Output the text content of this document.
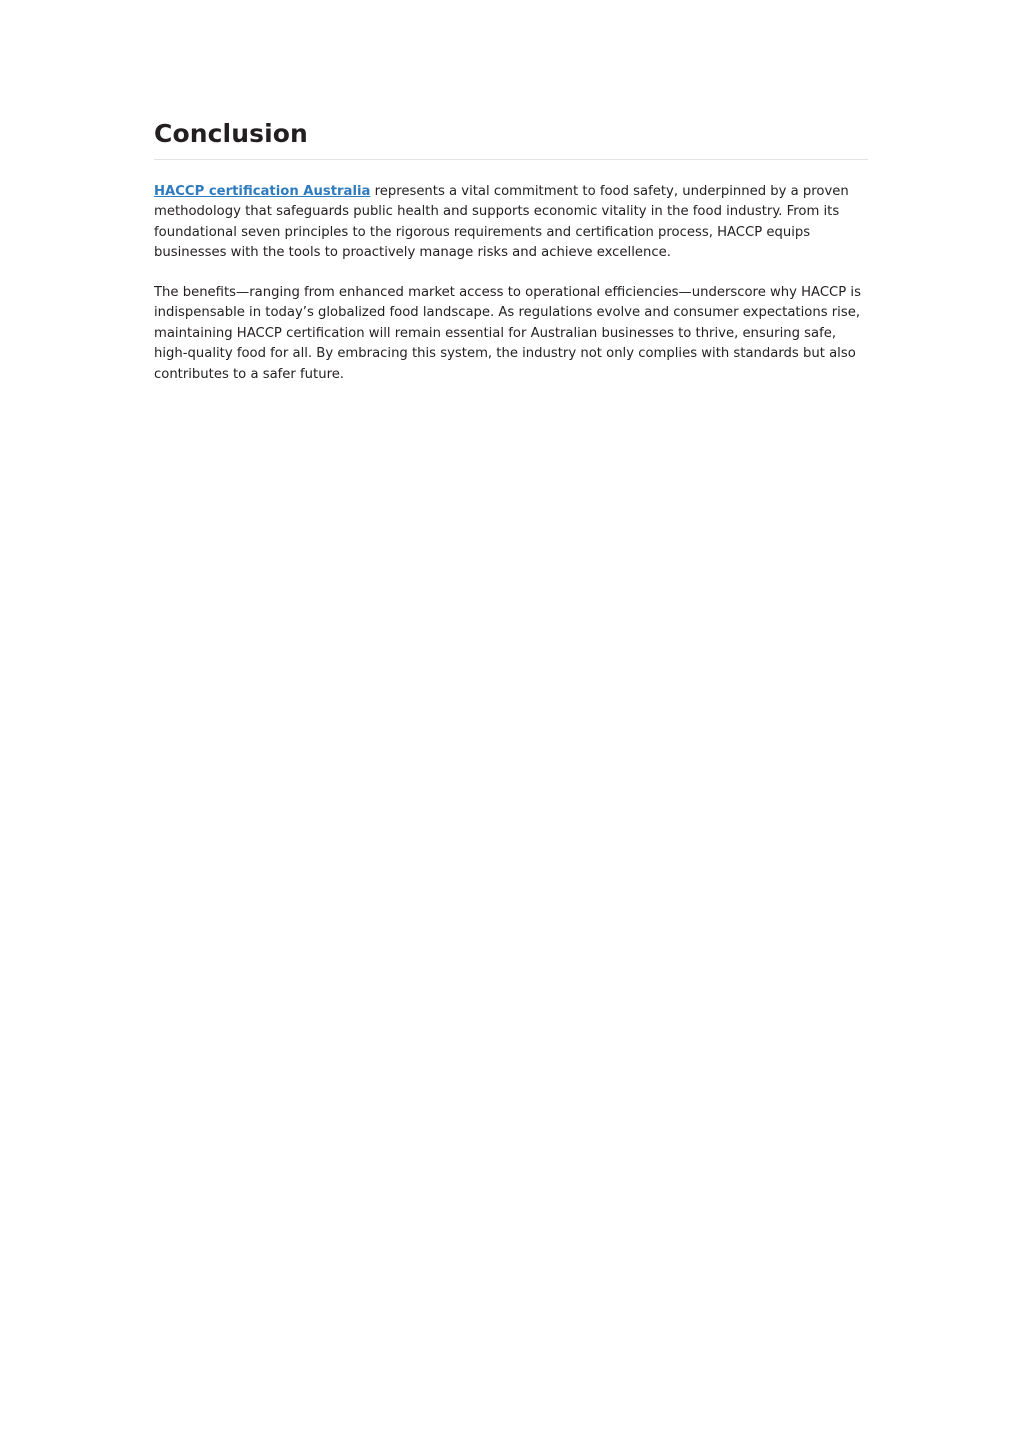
Conclusion

HACCP certification Australia represents a vital commitment to food safety, underpinned by a proven methodology that safeguards public health and supports economic vitality in the food industry. From its foundational seven principles to the rigorous requirements and certification process, HACCP equips businesses with the tools to proactively manage risks and achieve excellence.

The benefits—ranging from enhanced market access to operational efficiencies—underscore why HACCP is indispensable in today’s globalized food landscape. As regulations evolve and consumer expectations rise, maintaining HACCP certification will remain essential for Australian businesses to thrive, ensuring safe, high-quality food for all. By embracing this system, the industry not only complies with standards but also contributes to a safer future.
